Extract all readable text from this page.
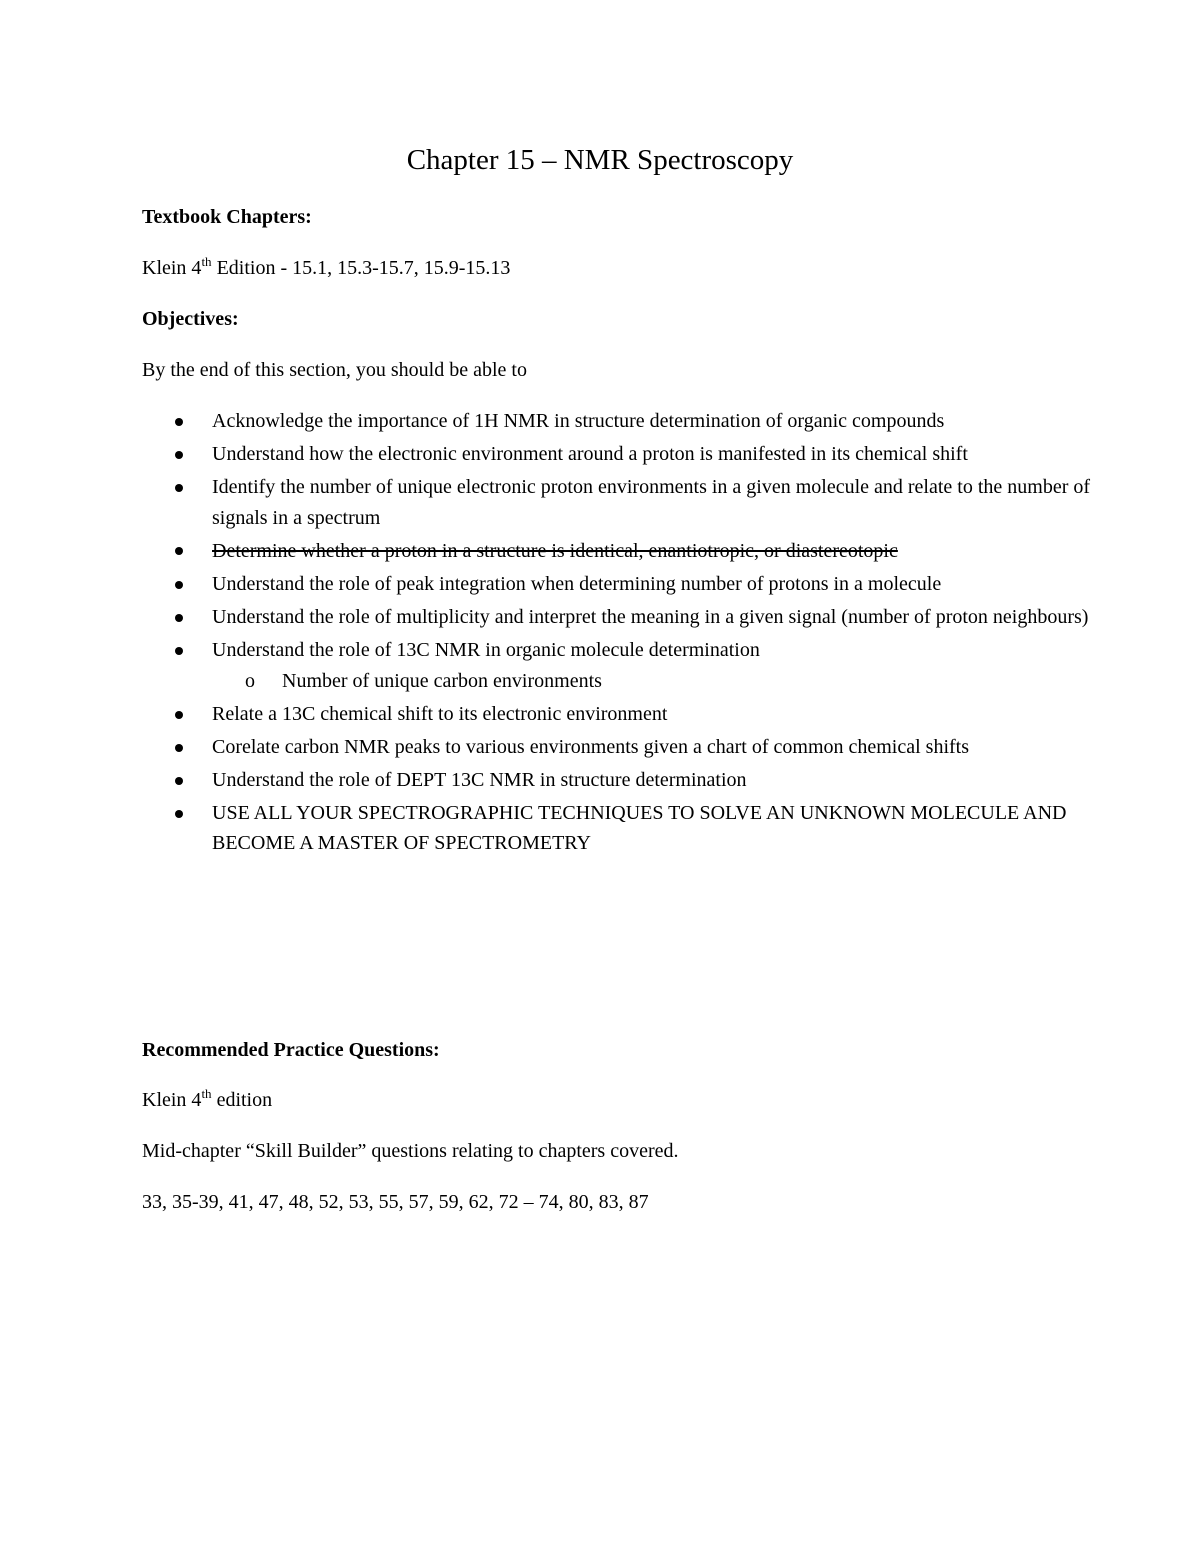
Chapter 15 – NMR Spectroscopy
Textbook Chapters:
Klein 4th Edition - 15.1, 15.3-15.7, 15.9-15.13
Objectives:
By the end of this section, you should be able to
Acknowledge the importance of 1H NMR in structure determination of organic compounds
Understand how the electronic environment around a proton is manifested in its chemical shift
Identify the number of unique electronic proton environments in a given molecule and relate to the number of signals in a spectrum
Determine whether a proton in a structure is identical, enantiotropic, or diastereotopic
Understand the role of peak integration when determining number of protons in a molecule
Understand the role of multiplicity and interpret the meaning in a given signal (number of proton neighbours)
Understand the role of 13C NMR in organic molecule determination
o Number of unique carbon environments
Relate a 13C chemical shift to its electronic environment
Corelate carbon NMR peaks to various environments given a chart of common chemical shifts
Understand the role of DEPT 13C NMR in structure determination
USE ALL YOUR SPECTROGRAPHIC TECHNIQUES TO SOLVE AN UNKNOWN MOLECULE AND BECOME A MASTER OF SPECTROMETRY
Recommended Practice Questions:
Klein 4th edition
Mid-chapter “Skill Builder” questions relating to chapters covered.
33, 35-39, 41, 47, 48, 52, 53, 55, 57, 59, 62, 72 – 74, 80, 83, 87
